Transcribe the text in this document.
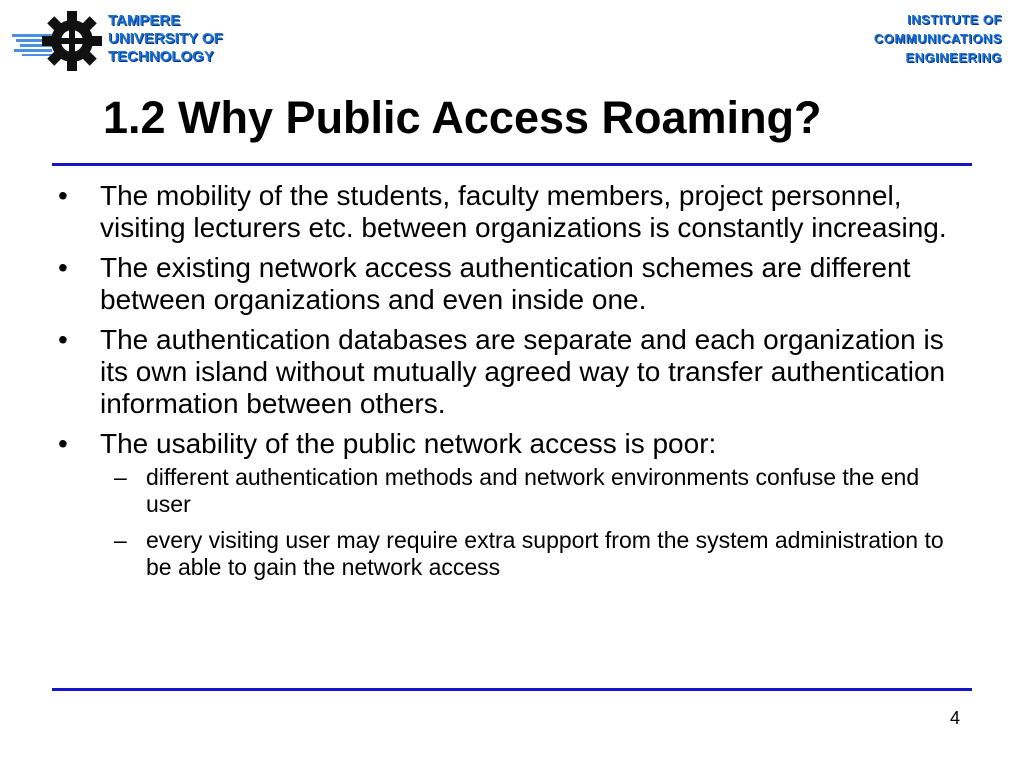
TAMPERE
UNIVERSITY OF
TECHNOLOGY
INSTITUTE OF
COMMUNICATIONS
ENGINEERING
1.2 Why Public Access Roaming?
•	The mobility of the students, faculty members, project personnel, visiting lecturers etc. between organizations is constantly increasing.
•	The existing network access authentication schemes are different between organizations and even inside one.
•	The authentication databases are separate and each organization is its own island without mutually agreed way to transfer authentication information between others.
•	The usability of the public network access is poor:
– different authentication methods and network environments confuse the end user
– every visiting user may require extra support from the system administration to be able to gain the network access
4
